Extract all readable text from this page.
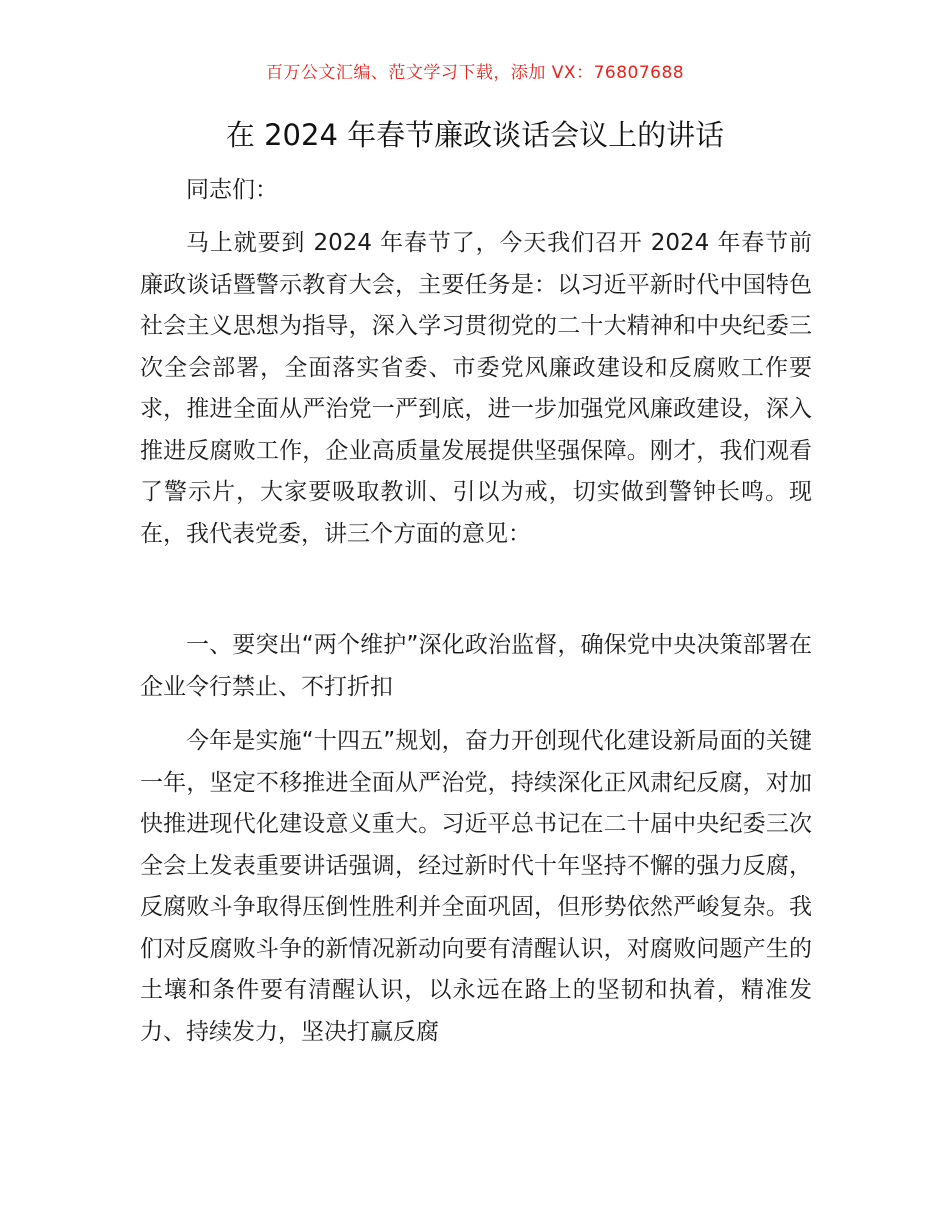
百万公文汇编、范文学习下载，添加 VX：76807688
在 2024 年春节廉政谈话会议上的讲话

同志们：

马上就要到 2024 年春节了，今天我们召开 2024 年春节前廉政谈话暨警示教育大会，主要任务是：以习近平新时代中国特色社会主义思想为指导，深入学习贯彻党的二十大精神和中央纪委三次全会部署，全面落实省委、市委党风廉政建设和反腐败工作要求，推进全面从严治党一严到底，进一步加强党风廉政建设，深入推进反腐败工作，企业高质量发展提供坚强保障。刚才，我们观看了警示片，大家要吸取教训、引以为戒，切实做到警钟长鸣。现在，我代表党委，讲三个方面的意见：

一、要突出“两个维护”深化政治监督，确保党中央决策部署在企业令行禁止、不打折扣

今年是实施“十四五”规划，奋力开创现代化建设新局面的关键一年，坚定不移推进全面从严治党，持续深化正风肃纪反腐，对加快推进现代化建设意义重大。习近平总书记在二十届中央纪委三次全会上发表重要讲话强调，经过新时代十年坚持不懈的强力反腐，反腐败斗争取得压倒性胜利并全面巩固，但形势依然严峻复杂。我们对反腐败斗争的新情况新动向要有清醒认识，对腐败问题产生的土壤和条件要有清醒认识，以永远在路上的坚韧和执着，精准发力、持续发力，坚决打赢反腐
